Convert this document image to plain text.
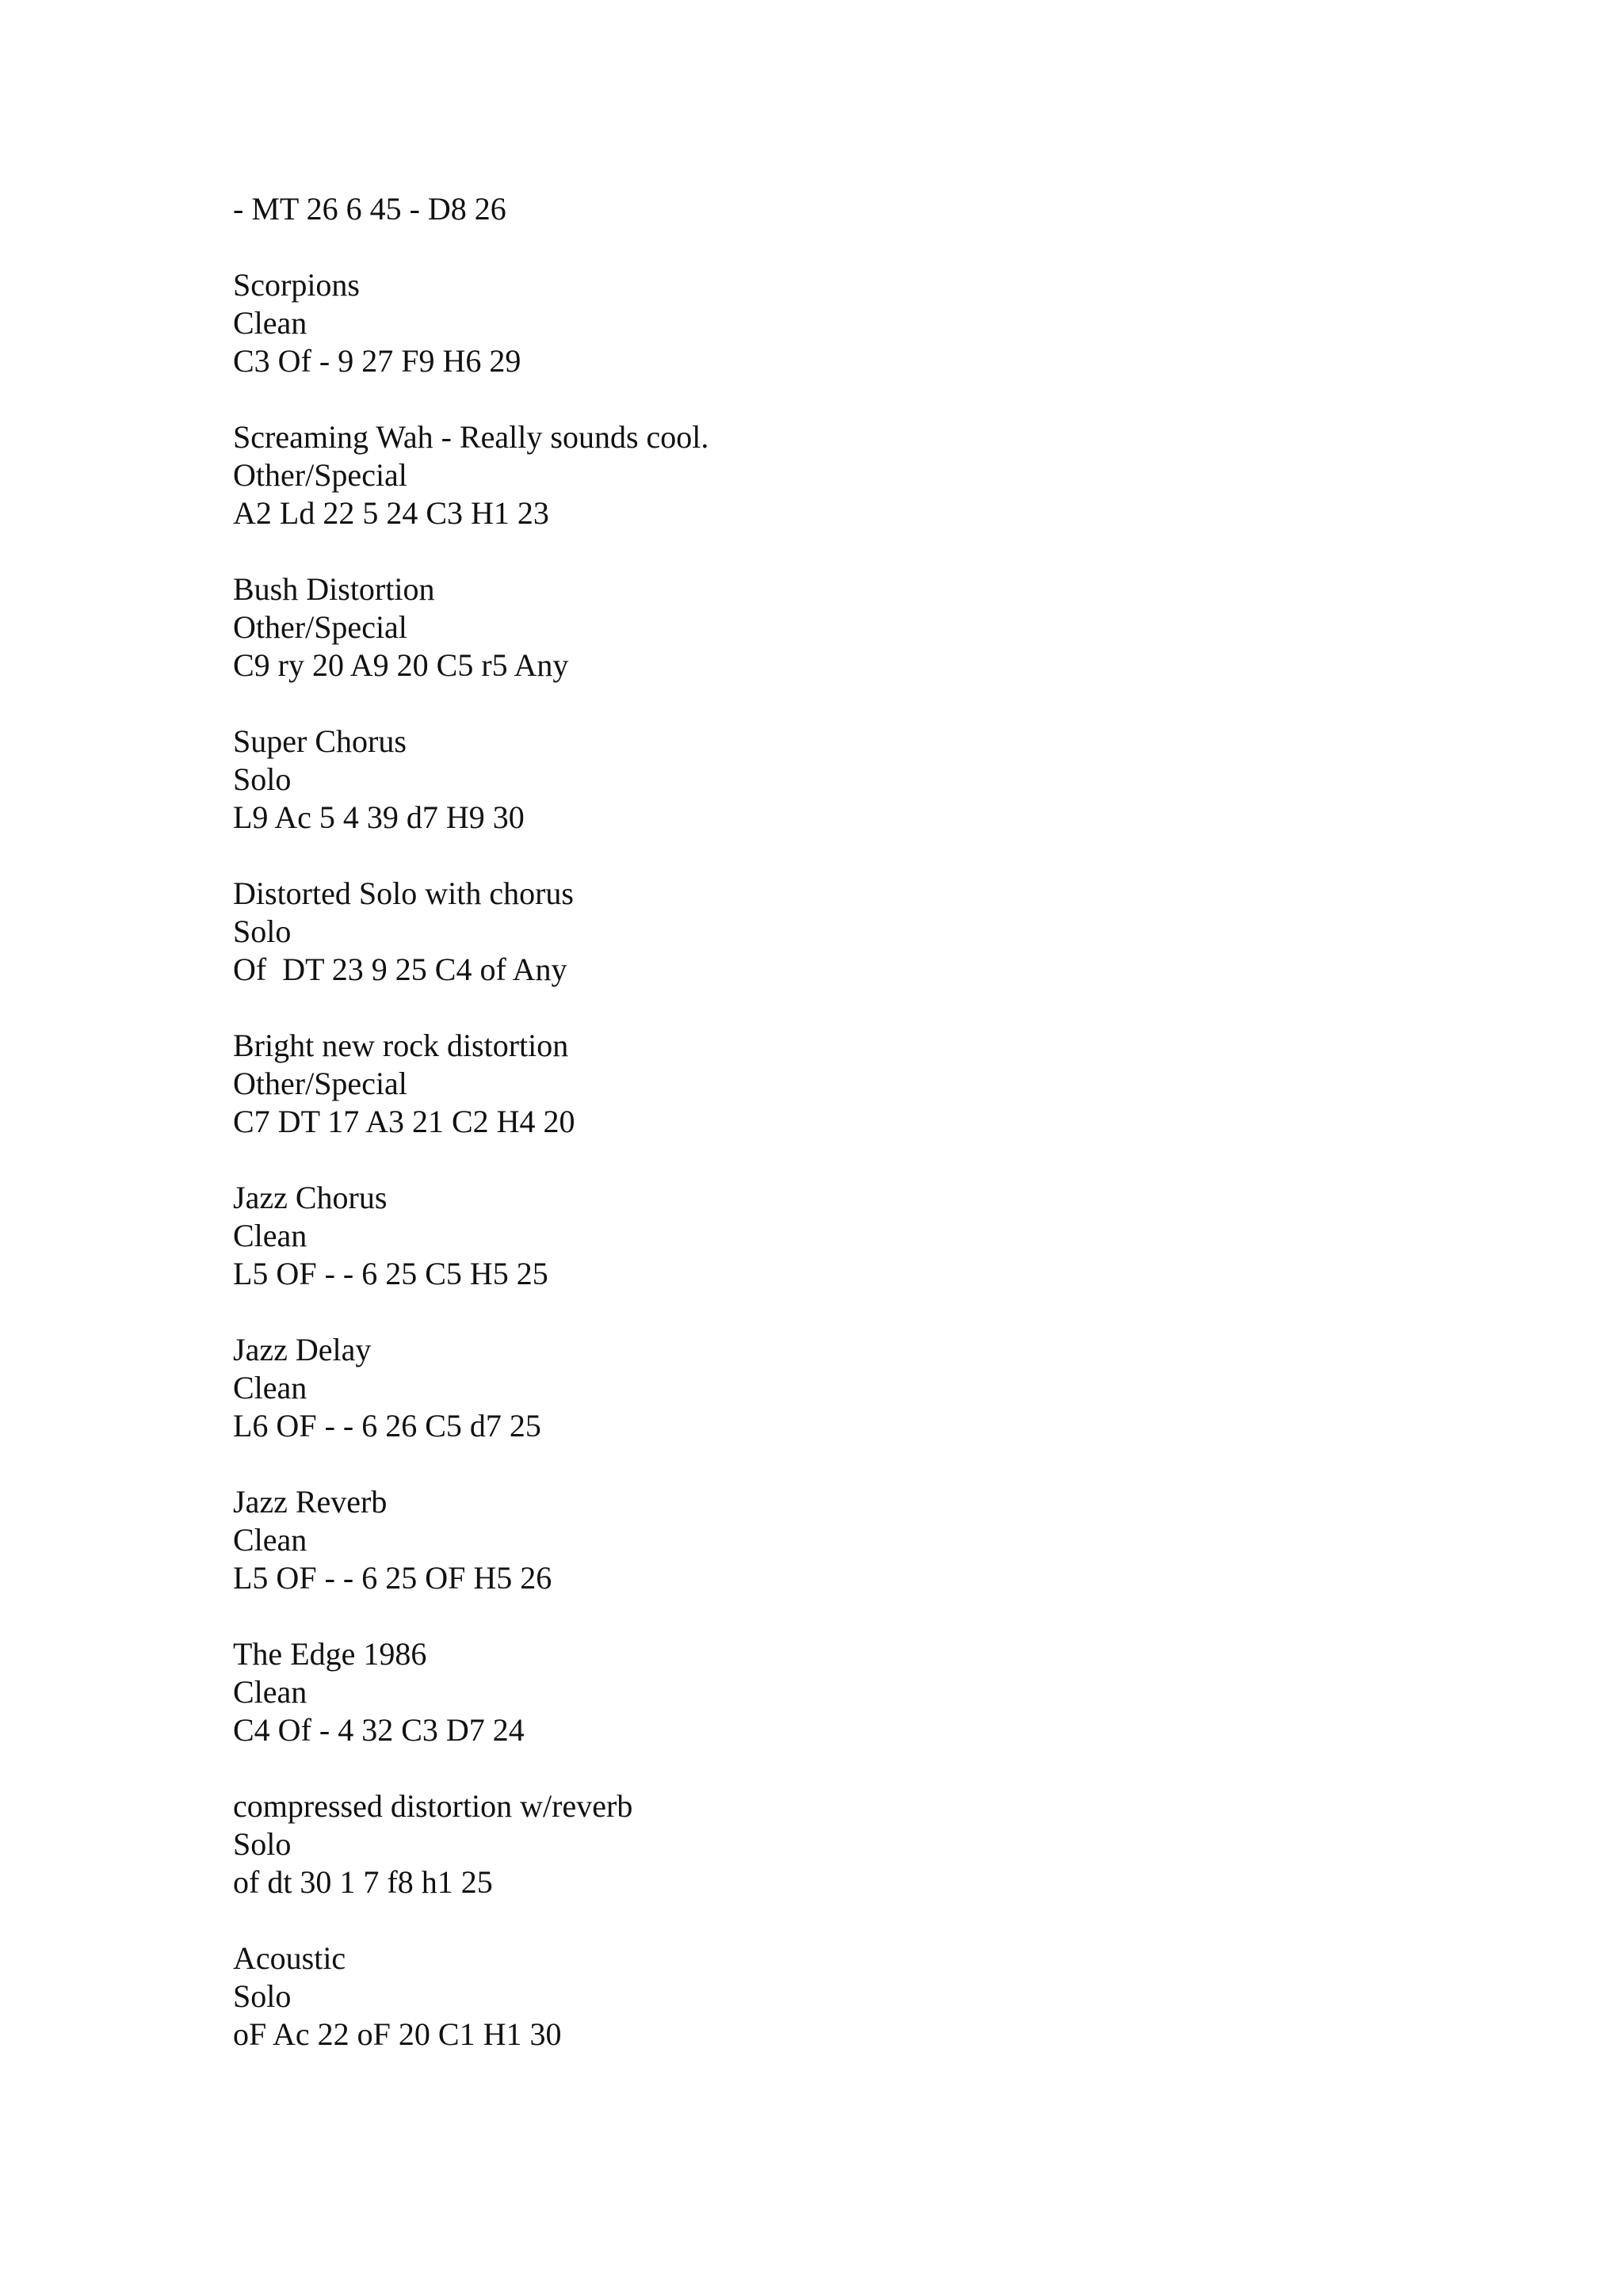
- MT 26 6 45 - D8 26
Scorpions
Clean
C3 Of - 9 27 F9 H6 29
Screaming Wah - Really sounds cool.
Other/Special
A2 Ld 22 5 24 C3 H1 23
Bush Distortion
Other/Special
C9 ry 20 A9 20 C5 r5 Any
Super Chorus
Solo
L9 Ac 5 4 39 d7 H9 30
Distorted Solo with chorus
Solo
Of  DT 23 9 25 C4 of Any
Bright new rock distortion
Other/Special
C7 DT 17 A3 21 C2 H4 20
Jazz Chorus
Clean
L5 OF - - 6 25 C5 H5 25
Jazz Delay
Clean
L6 OF - - 6 26 C5 d7 25
Jazz Reverb
Clean
L5 OF - - 6 25 OF H5 26
The Edge 1986
Clean
C4 Of - 4 32 C3 D7 24
compressed distortion w/reverb
Solo
of dt 30 1 7 f8 h1 25
Acoustic
Solo
oF Ac 22 oF 20 C1 H1 30
